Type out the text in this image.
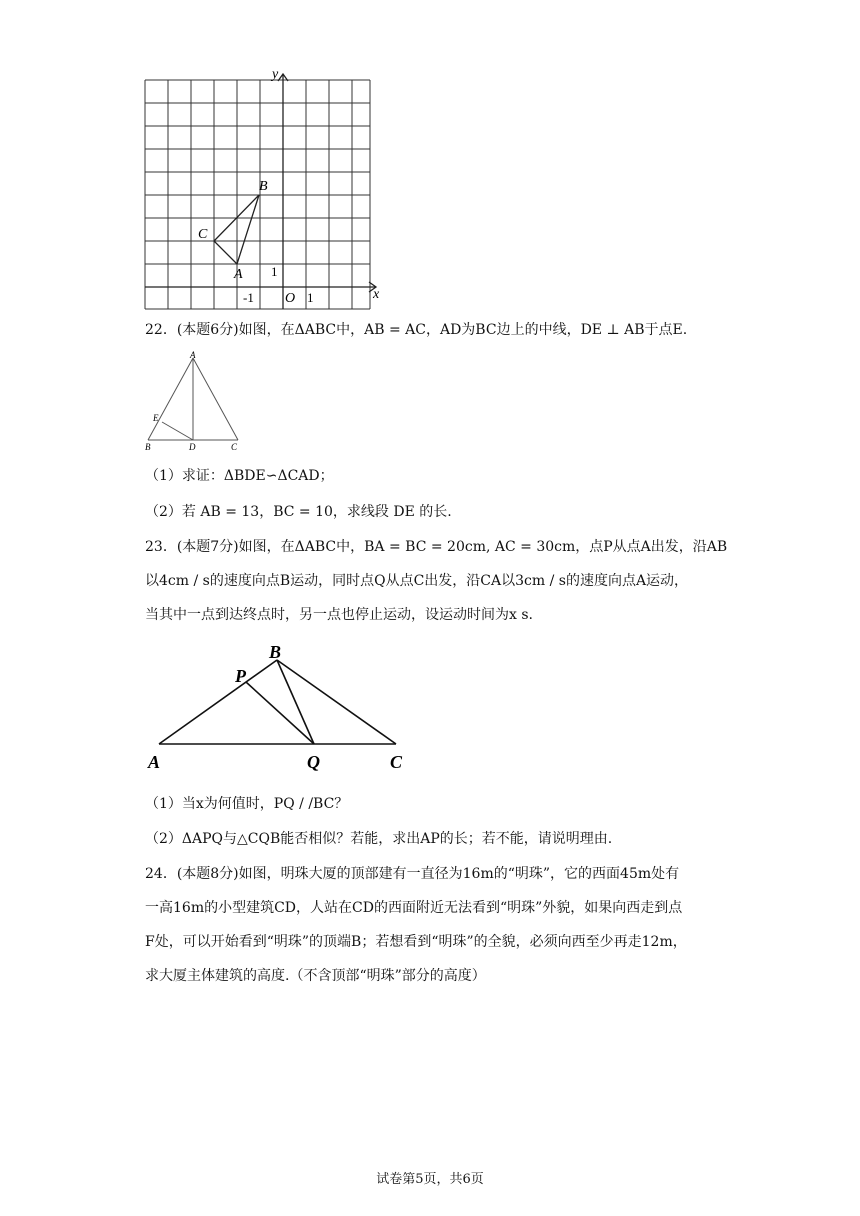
y
x
B
C
A
O
1
1
-1
22．(本题6分)如图，在ΔABC中，AB = AC，AD为BC边上的中线，DE ⊥ AB于点E.
A
E
B	D	C
（1）求证：ΔBDE∽ΔCAD；
（2）若 AB = 13，BC = 10，求线段 DE 的长.
23．(本题7分)如图，在ΔABC中，BA = BC = 20cm, AC = 30cm，点P从点A出发，沿AB
以4cm / s的速度向点B运动，同时点Q从点C出发，沿CA以3cm / s的速度向点A运动，
当其中一点到达终点时，另一点也停止运动，设运动时间为x s.
B
P
A	Q	C
（1）当x为何值时，PQ / /BC？
（2）ΔAPQ与△CQB能否相似？若能，求出AP的长；若不能，请说明理由.
24．(本题8分)如图，明珠大厦的顶部建有一直径为16m的“明珠”，它的西面45m处有
一高16m的小型建筑CD，人站在CD的西面附近无法看到“明珠”外貌，如果向西走到点
F处，可以开始看到“明珠”的顶端B；若想看到“明珠”的全貌，必须向西至少再走12m，
求大厦主体建筑的高度.（不含顶部“明珠”部分的高度）
试卷第5页，共6页
